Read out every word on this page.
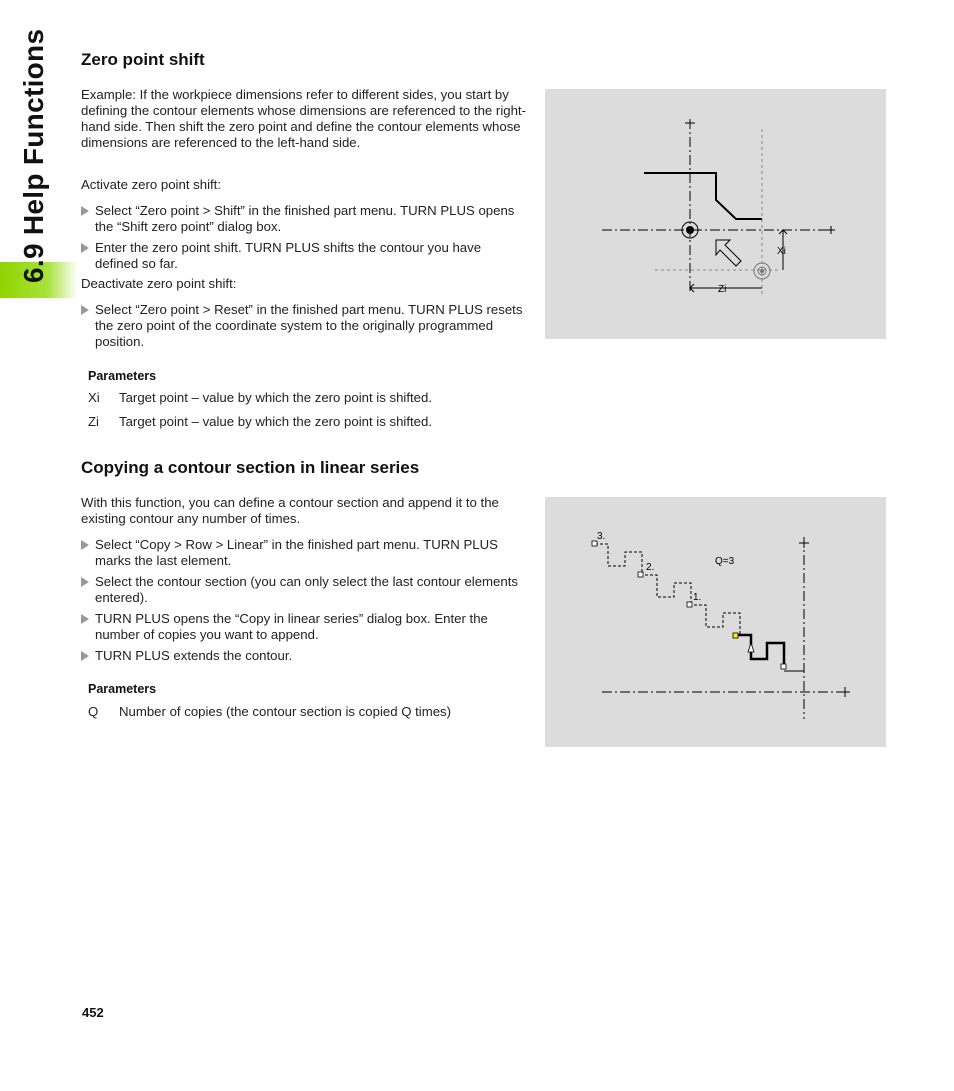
6.9 Help Functions Zero point shift
Example: If the workpiece dimensions refer to different sides, you start by defining the contour elements whose dimensions are referenced to the right-hand side. Then shift the zero point and define the contour elements whose dimensions are referenced to the left-hand side.
Activate zero point shift:
Select “Zero point > Shift” in the finished part menu. TURN PLUS opens the “Shift zero point” dialog box.
Enter the zero point shift. TURN PLUS shifts the contour you have defined so far.
Deactivate zero point shift:
Select “Zero point > Reset” in the finished part menu. TURN PLUS resets the zero point of the coordinate system to the originally programmed position.
Parameters
Xi Target point – value by which the zero point is shifted.
Zi Target point – value by which the zero point is shifted.
Xi
Zi
Copying a contour section in linear series
With this function, you can define a contour section and append it to the existing contour any number of times.
Select “Copy > Row > Linear” in the finished part menu. TURN PLUS marks the last element.
Select the contour section (you can only select the last contour elements entered).
TURN PLUS opens the “Copy in linear series” dialog box. Enter the number of copies you want to append.
TURN PLUS extends the contour.
Parameters
Q Number of copies (the contour section is copied Q times)
3.
2.
1.
Q=3
452
